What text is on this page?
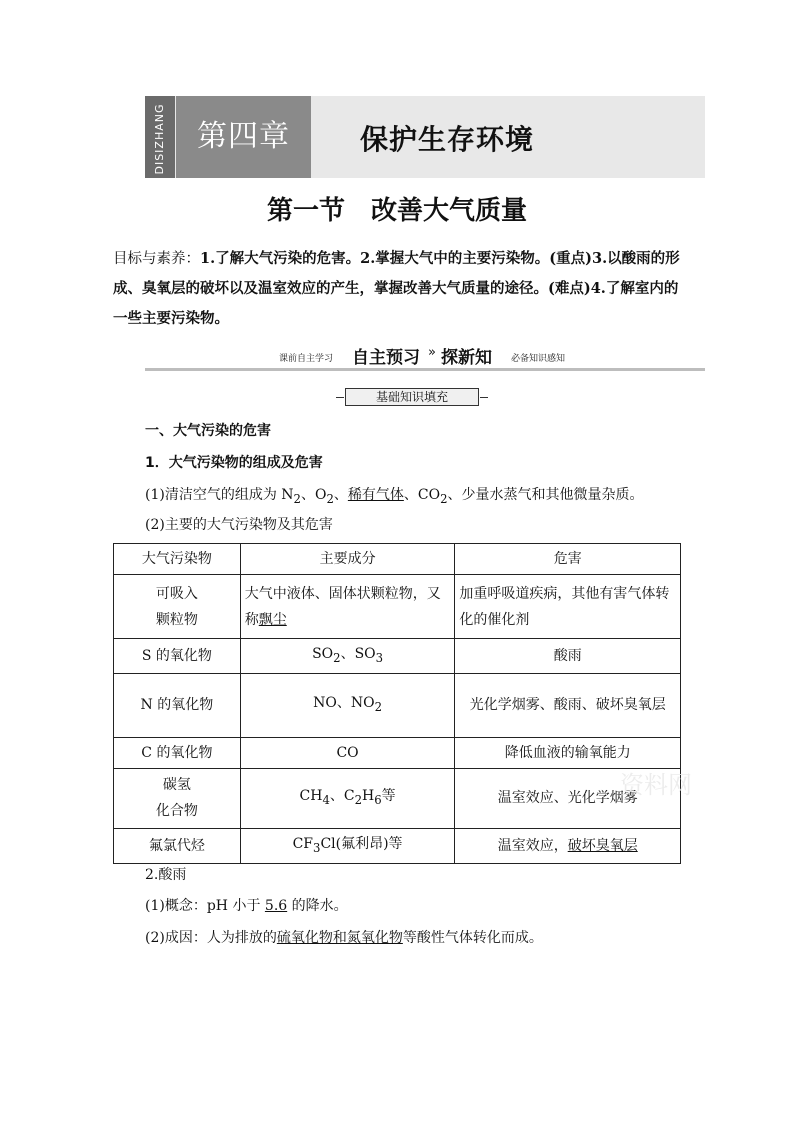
DISIZHANG	第四章	保护生存环境
第一节　改善大气质量
目标与素养：1.了解大气污染的危害。2.掌握大气中的主要污染物。(重点)3.以酸雨的形成、臭氧层的破坏以及温室效应的产生，掌握改善大气质量的途径。(难点)4.了解室内的一些主要污染物。
课前自主学习 自主预习 » 探新知 必备知识感知
基础知识填充
一、大气污染的危害
1．大气污染物的组成及危害
(1)清洁空气的组成为 $N_2$、$O_2$、稀有气体、$CO_2$、少量水蒸气和其他微量杂质。
(2)主要的大气污染物及其危害
大气污染物	主要成分	危害
可吸入
颗粒物	大气中液体、固体状颗粒物，又称飘尘	加重呼吸道疾病，其他有害气体转化的催化剂
S 的氧化物	$SO_2$、$SO_3$	酸雨
N 的氧化物	NO、$NO_2$	光化学烟雾、酸雨、破坏臭氧层
C 的氧化物	CO	降低血液的输氧能力
碳氢
化合物	$CH_4$、$C_2H_6$等	温室效应、光化学烟雾
氟氯代烃	$CF_3Cl$(氟利昂)等	温室效应，破坏臭氧层
资料网
2.酸雨
(1)概念：pH 小于 5.6 的降水。
(2)成因：人为排放的硫氧化物和氮氧化物等酸性气体转化而成。
